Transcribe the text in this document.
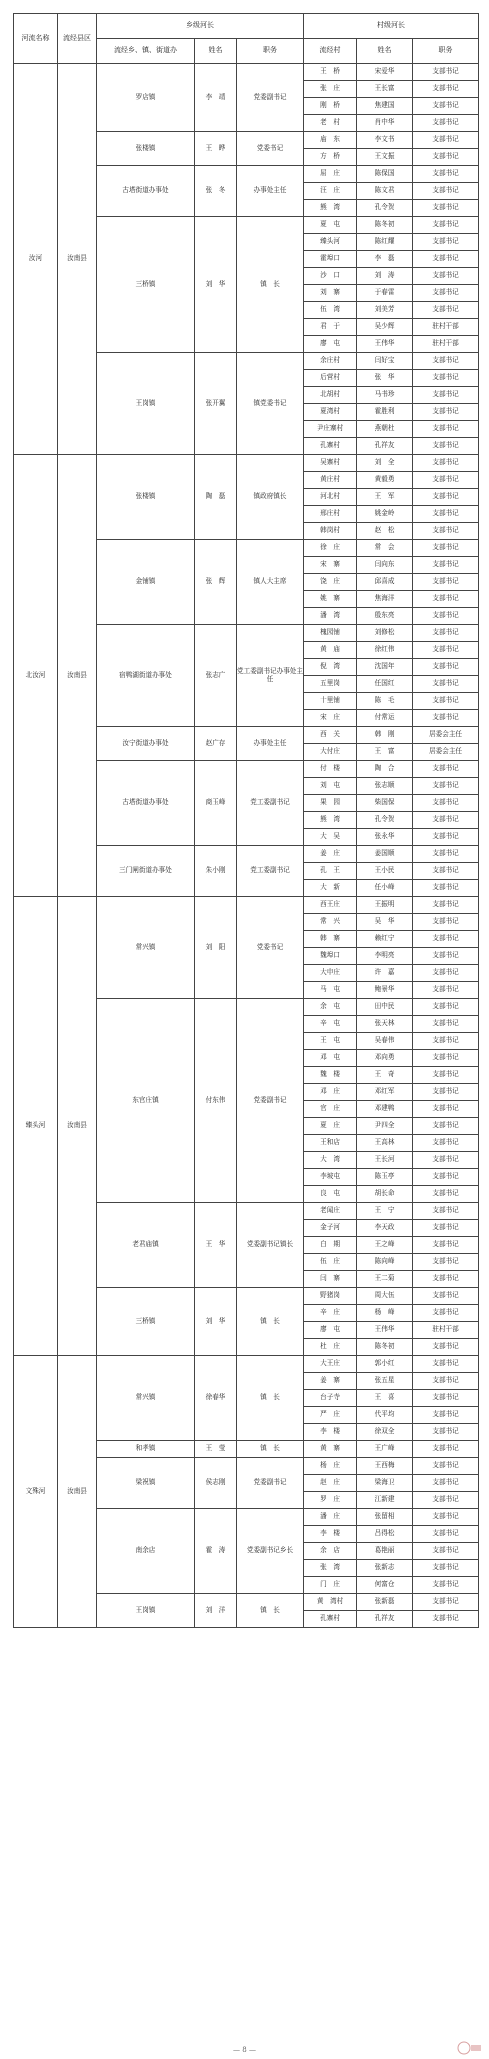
河流名称	流经县区	乡级河长			村级河长		
		流经乡、镇、街道办	姓名	职务	流经村	姓名	职务
汝河	汝南县	罗店镇	李　靖	党委副书记	王　桥	宋爱华	支部书记
					张　庄	王长富	支部书记
					刚　桥	焦建国	支部书记
					老　村	肖中华	支部书记
		张楼镇	王　晔	党委书记	庙　东	李文书	支部书记
					方　桥	王文振	支部书记
		古塔街道办事处	张　冬	办事处主任	屈　庄	陈保国	支部书记
					汪　庄	陈文君	支部书记
					熊　湾	孔令贺	支部书记
		三桥镇	刘　华	镇　长	夏　屯	陈冬初	支部书记
					臻头河	陈红耀	支部书记
					霍埠口	李　磊	支部书记
					沙　口	刘　涛	支部书记
					刘　寨	于春雷	支部书记
					伍　湾	刘美芳	支部书记
					君　于	吴少辉	驻村干部
					廖　屯	王伟华	驻村干部
		王岗镇	张开翼	镇党委书记	余庄村	闫好宝	支部书记
					后营村	张　华	支部书记
					北胡村	马书珍	支部书记
					夏湾村	霍胜利	支部书记
					尹庄寨村	燕朝杜	支部书记
					孔寨村	孔祥友	支部书记
北汝河	汝南县	张楼镇	陶　磊	镇政府镇长	吴寨村	刘　全	支部书记
					黄庄村	黄毅勇	支部书记
					河北村	王　军	支部书记
					邢庄村	姚金岭	支部书记
					韩岗村	赵　松	支部书记
		金铺镇	张　辉	镇人大主席	徐　庄	常　会	支部书记
					宋　寨	闫向东	支部书记
					饶　庄	邱喜成	支部书记
					姚　寨	焦海洋	支部书记
					潘　湾	殷东亮	支部书记
		宿鸭湖街道办事处	张志广	党工委副书记办事处主任	槐园铺	刘修松	支部书记
					黄　庙	徐红伟	支部书记
					倪　湾	沈国年	支部书记
					五里岗	任国红	支部书记
					十里铺	陈　毛	支部书记
					宋　庄	付常运	支部书记
		汝宁街道办事处	赵广存	办事处主任	西　关	韩　刚	居委会主任
					大付庄	王　富	居委会主任
		古塔街道办事处	商玉峰	党工委副书记	付　楼	陶　合	支部书记
					刘　屯	张志顺	支部书记
					果　园	柴国保	支部书记
					熊　湾	孔令贺	支部书记
					大　吴	张永华	支部书记
		三门闸街道办事处	朱小刚	党工委副书记	姜　庄	姜国顺	支部书记
					孔　王	王小民	支部书记
					大　新	任小峰	支部书记
臻头河	汝南县	常兴镇	刘　阳	党委书记	西王庄	王振明	支部书记
					常　兴	吴　华	支部书记
					韩　寨	赖红宁	支部书记
					魏埠口	李明亮	支部书记
					大申庄	许　嘉	支部书记
					马　屯	鲍景华	支部书记
		东官庄镇	付东伟	党委副书记	余　屯	田中民	支部书记
					辛　屯	张天林	支部书记
					王　屯	吴春伟	支部书记
					邓　屯	邓向勇	支部书记
					魏　楼	王　奇	支部书记
					邓　庄	邓红军	支部书记
					官　庄	邓建鸭	支部书记
					夏　庄	尹四全	支部书记
					王和店	王高林	支部书记
					大　湾	王长河	支部书记
					李坡屯	陈玉亭	支部书记
					良　屯	胡长命	支部书记
		老君庙镇	王　华	党委副书记镇长	老闻庄	王　宁	支部书记
					金子河	李天政	支部书记
					白　期	王之峰	支部书记
					伍　庄	陈向峰	支部书记
					闫　寨	王二菊	支部书记
		三桥镇	刘　华	镇　长	野猪岗	周大伍	支部书记
					辛　庄	杨　峰	支部书记
					廖　屯	王伟华	驻村干部
					杜　庄	陈冬初	支部书记
文殊河	汝南县	常兴镇	徐春华	镇　长	大王庄	郭小红	支部书记
					姜　寨	张五星	支部书记
					台子寺	王　喜	支部书记
					严　庄	代平均	支部书记
					李　楼	徐双全	支部书记
		和孝镇	王　莹	镇　长	黄　寨	王广峰	支部书记
		梁祝镇	侯志刚	党委副书记	杨　庄	王西梅	支部书记
					赵　庄	梁海卫	支部书记
					罗　庄	江新建	支部书记
		南余店	霍　涛	党委副书记乡长	潘　庄	张留相	支部书记
					李　楼	吕得松	支部书记
					余　店	葛艳丽	支部书记
					张　湾	张新志	支部书记
					门　庄	何富仓	支部书记
		王岗镇	刘　洋	镇　长	黄　湾村	张新磊	支部书记
					孔寨村	孔祥友	支部书记
— 8 —
